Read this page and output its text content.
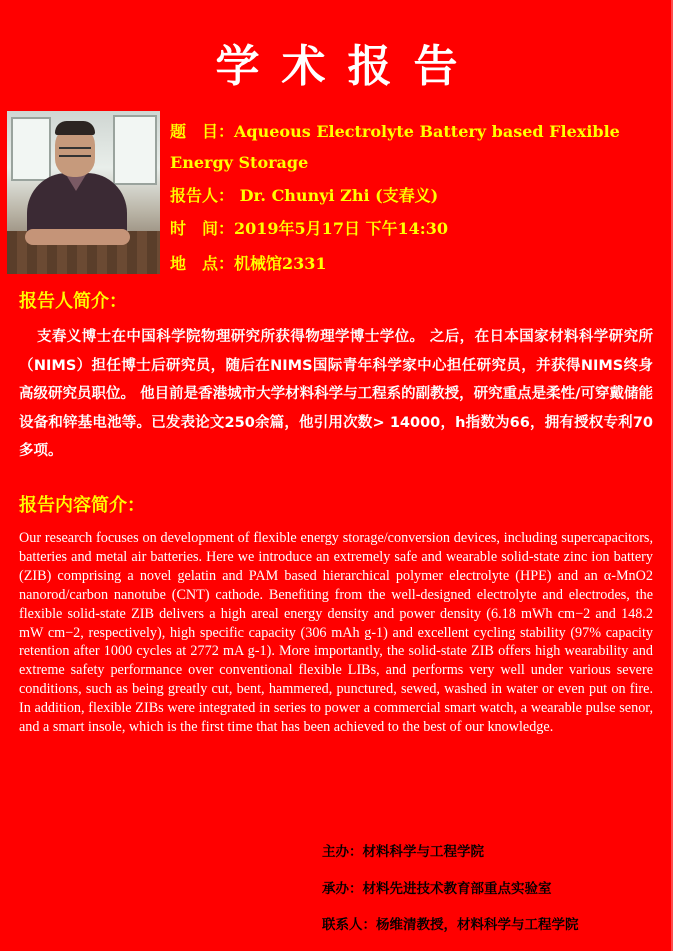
学术报告
题　目：Aqueous Electrolyte Battery based Flexible Energy Storage
报告人： Dr. Chunyi Zhi (支春义)
时　间：2019年5月17日 下午14:30
地　点：机械馆2331
报告人简介：
支春义博士在中国科学院物理研究所获得物理学博士学位。 之后，在日本国家材料科学研究所（NIMS）担任博士后研究员，随后在NIMS国际青年科学家中心担任研究员，并获得NIMS终身高级研究员职位。 他目前是香港城市大学材料科学与工程系的副教授，研究重点是柔性/可穿戴储能设备和锌基电池等。已发表论文250余篇，他引用次数> 14000，h指数为66，拥有授权专利70多项。
报告内容简介：
Our research focuses on development of flexible energy storage/conversion devices, including supercapacitors, batteries and metal air batteries. Here we introduce an extremely safe and wearable solid-state zinc ion battery (ZIB) comprising a novel gelatin and PAM based hierarchical polymer electrolyte (HPE) and an α-MnO2 nanorod/carbon nanotube (CNT) cathode. Benefiting from the well-designed electrolyte and electrodes, the flexible solid-state ZIB delivers a high areal energy density and power density (6.18 mWh cm−2 and 148.2 mW cm−2, respectively), high specific capacity (306 mAh g-1) and excellent cycling stability (97% capacity retention after 1000 cycles at 2772 mA g-1). More importantly, the solid-state ZIB offers high wearability and extreme safety performance over conventional flexible LIBs, and performs very well under various severe conditions, such as being greatly cut, bent, hammered, punctured, sewed, washed in water or even put on fire. In addition, flexible ZIBs were integrated in series to power a commercial smart watch, a wearable pulse senor, and a smart insole, which is the first time that has been achieved to the best of our knowledge.
主办：材料科学与工程学院
承办：材料先进技术教育部重点实验室
联系人：杨维清教授，材料科学与工程学院
